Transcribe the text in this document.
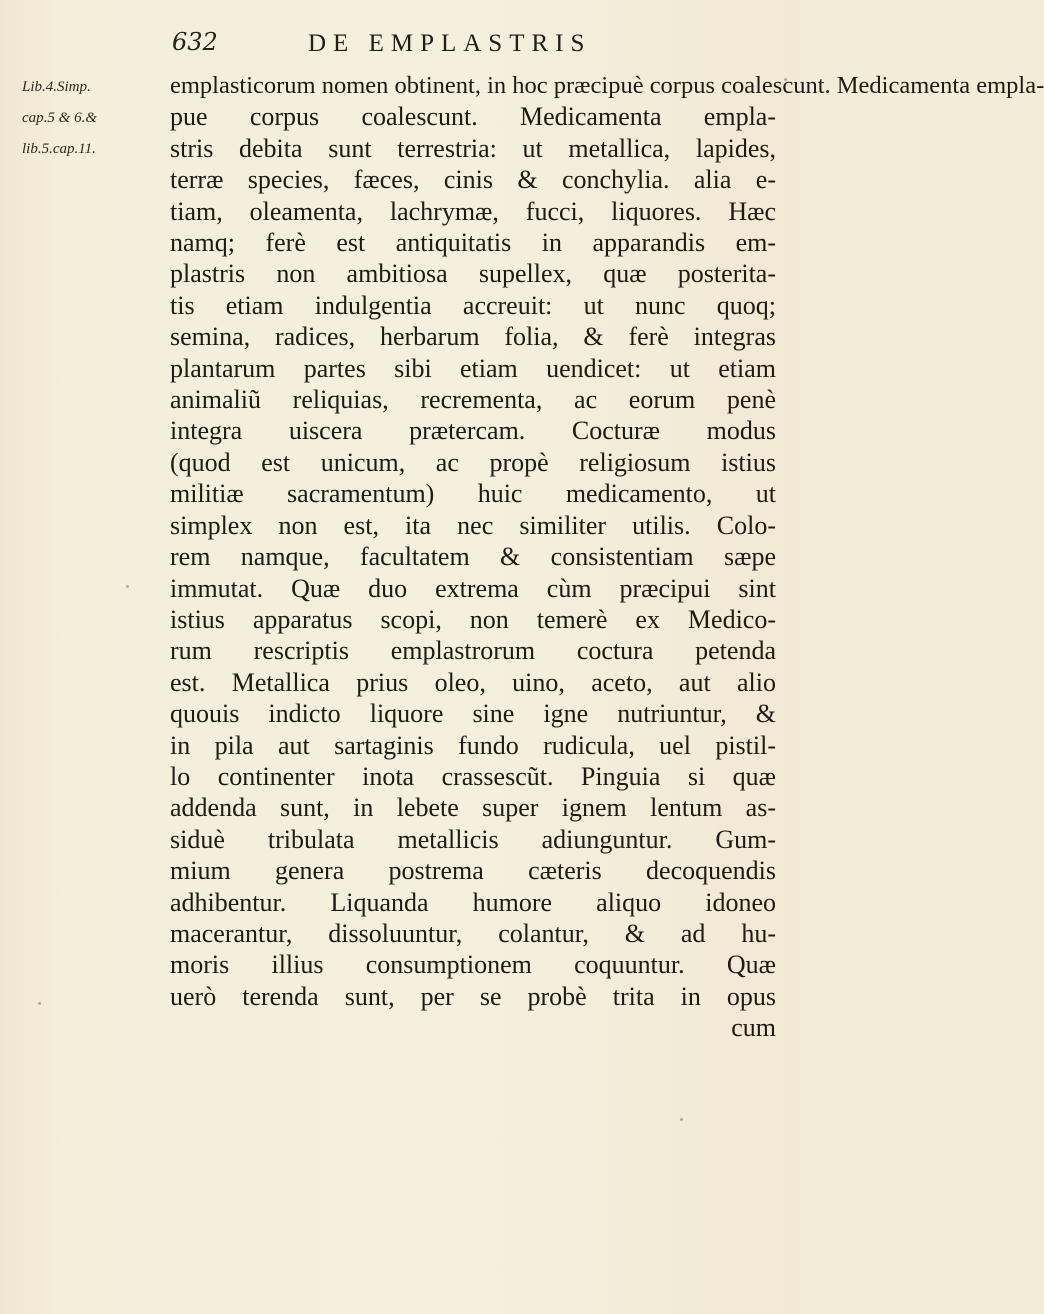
632	DE EMPLASTRIS
Lib.4.Simp.
cap.5 & 6.&
lib.5.cap.11.
emplasticorum nomen obtinent, in hoc præcipuè corpus coalescunt. Medicamenta empla-
pue corpus coalescunt. Medicamenta empla-
stris debita sunt terrestria: ut metallica, lapides,
terræ species, fæces, cinis & conchylia. alia e-
tiam, oleamenta, lachrymæ, fucci, liquores. Hæc
namq; ferè est antiquitatis in apparandis em-
plastris non ambitiosa supellex, quæ posterita-
tis etiam indulgentia accreuit: ut nunc quoq;
semina, radices, herbarum folia, & ferè integras
plantarum partes sibi etiam uendicet: ut etiam
animaliũ reliquias, recrementa, ac eorum penè
integra uiscera prætercam. Cocturæ modus
(quod est unicum, ac propè religiosum istius
militiæ sacramentum) huic medicamento, ut
simplex non est, ita nec similiter utilis. Colo-
rem namque, facultatem & consistentiam sæpe
immutat. Quæ duo extrema cùm præcipui sint
istius apparatus scopi, non temerè ex Medico-
rum rescriptis emplastrorum coctura petenda
est. Metallica prius oleo, uino, aceto, aut alio
quouis indicto liquore sine igne nutriuntur, &
in pila aut sartaginis fundo rudicula, uel pistil-
lo continenter inota crassescũt. Pinguia si quæ
addenda sunt, in lebete super ignem lentum as-
siduè tribulata metallicis adiunguntur. Gum-
mium genera postrema cæteris decoquendis
adhibentur. Liquanda humore aliquo idoneo
macerantur, dissoluuntur, colantur, & ad hu-
moris illius consumptionem coquuntur. Quæ
uerò terenda sunt, per se probè trita in opus
cum
